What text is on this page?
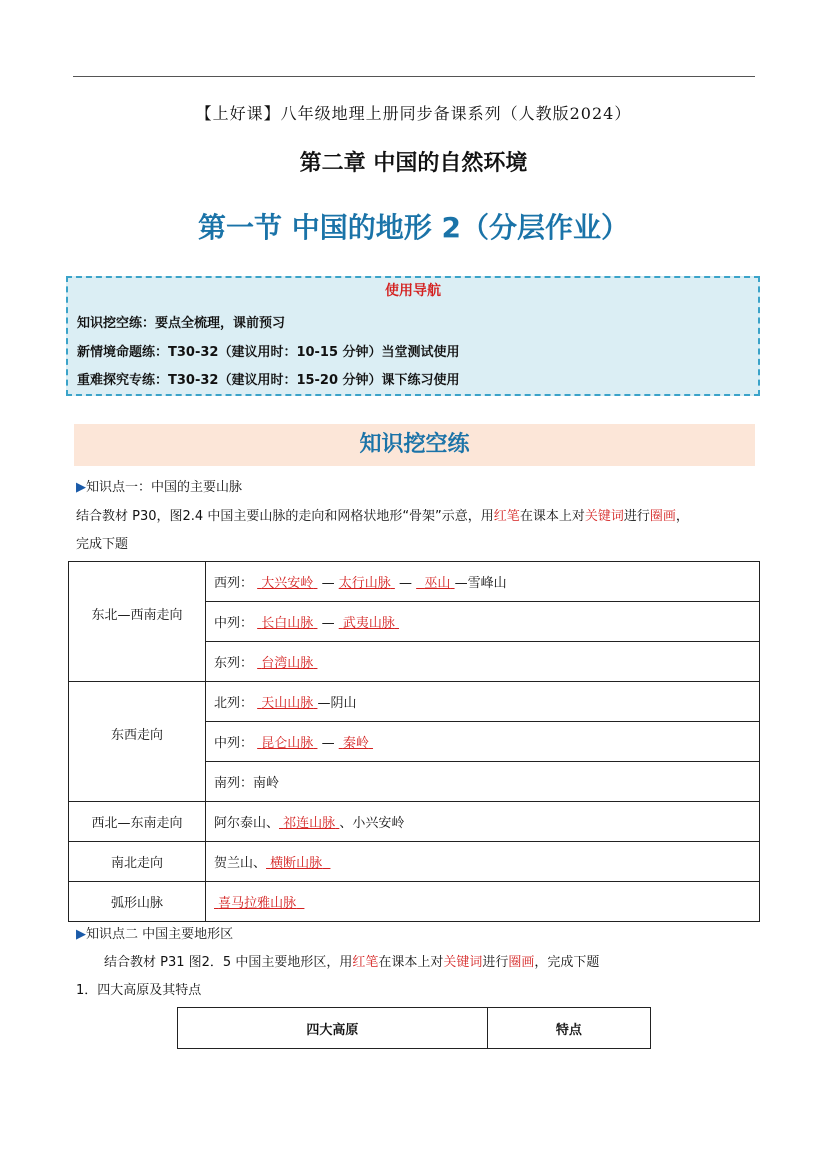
【上好课】八年级地理上册同步备课系列（人教版2024）
第二章 中国的自然环境
第一节 中国的地形 2（分层作业）
使用导航
知识挖空练：要点全梳理，课前预习
新情境命题练：T30-32（建议用时：10-15 分钟）当堂测试使用
重难探究专练：T30-32（建议用时：15-20 分钟）课下练习使用
知识挖空练
▶知识点一：中国的主要山脉
结合教材 P30，图2.4 中国主要山脉的走向和网格状地形“骨架”示意，用红笔在课本上对关键词进行圈画，
完成下题
东北—西南走向	西列： 大兴安岭  — 太行山脉  —   巫山 —雪峰山
	中列： 长白山脉  —  武夷山脉
	东列： 台湾山脉
东西走向	北列： 天山山脉 —阴山
	中列： 昆仑山脉  —  秦岭
	南列：南岭
西北—东南走向	阿尔泰山、 祁连山脉 、小兴安岭
南北走向	贺兰山、 横断山脉
弧形山脉	喜马拉雅山脉
▶知识点二 中国主要地形区
结合教材 P31 图2．5 中国主要地形区，用红笔在课本上对关键词进行圈画，完成下题
1．四大高原及其特点
四大高原	特点
